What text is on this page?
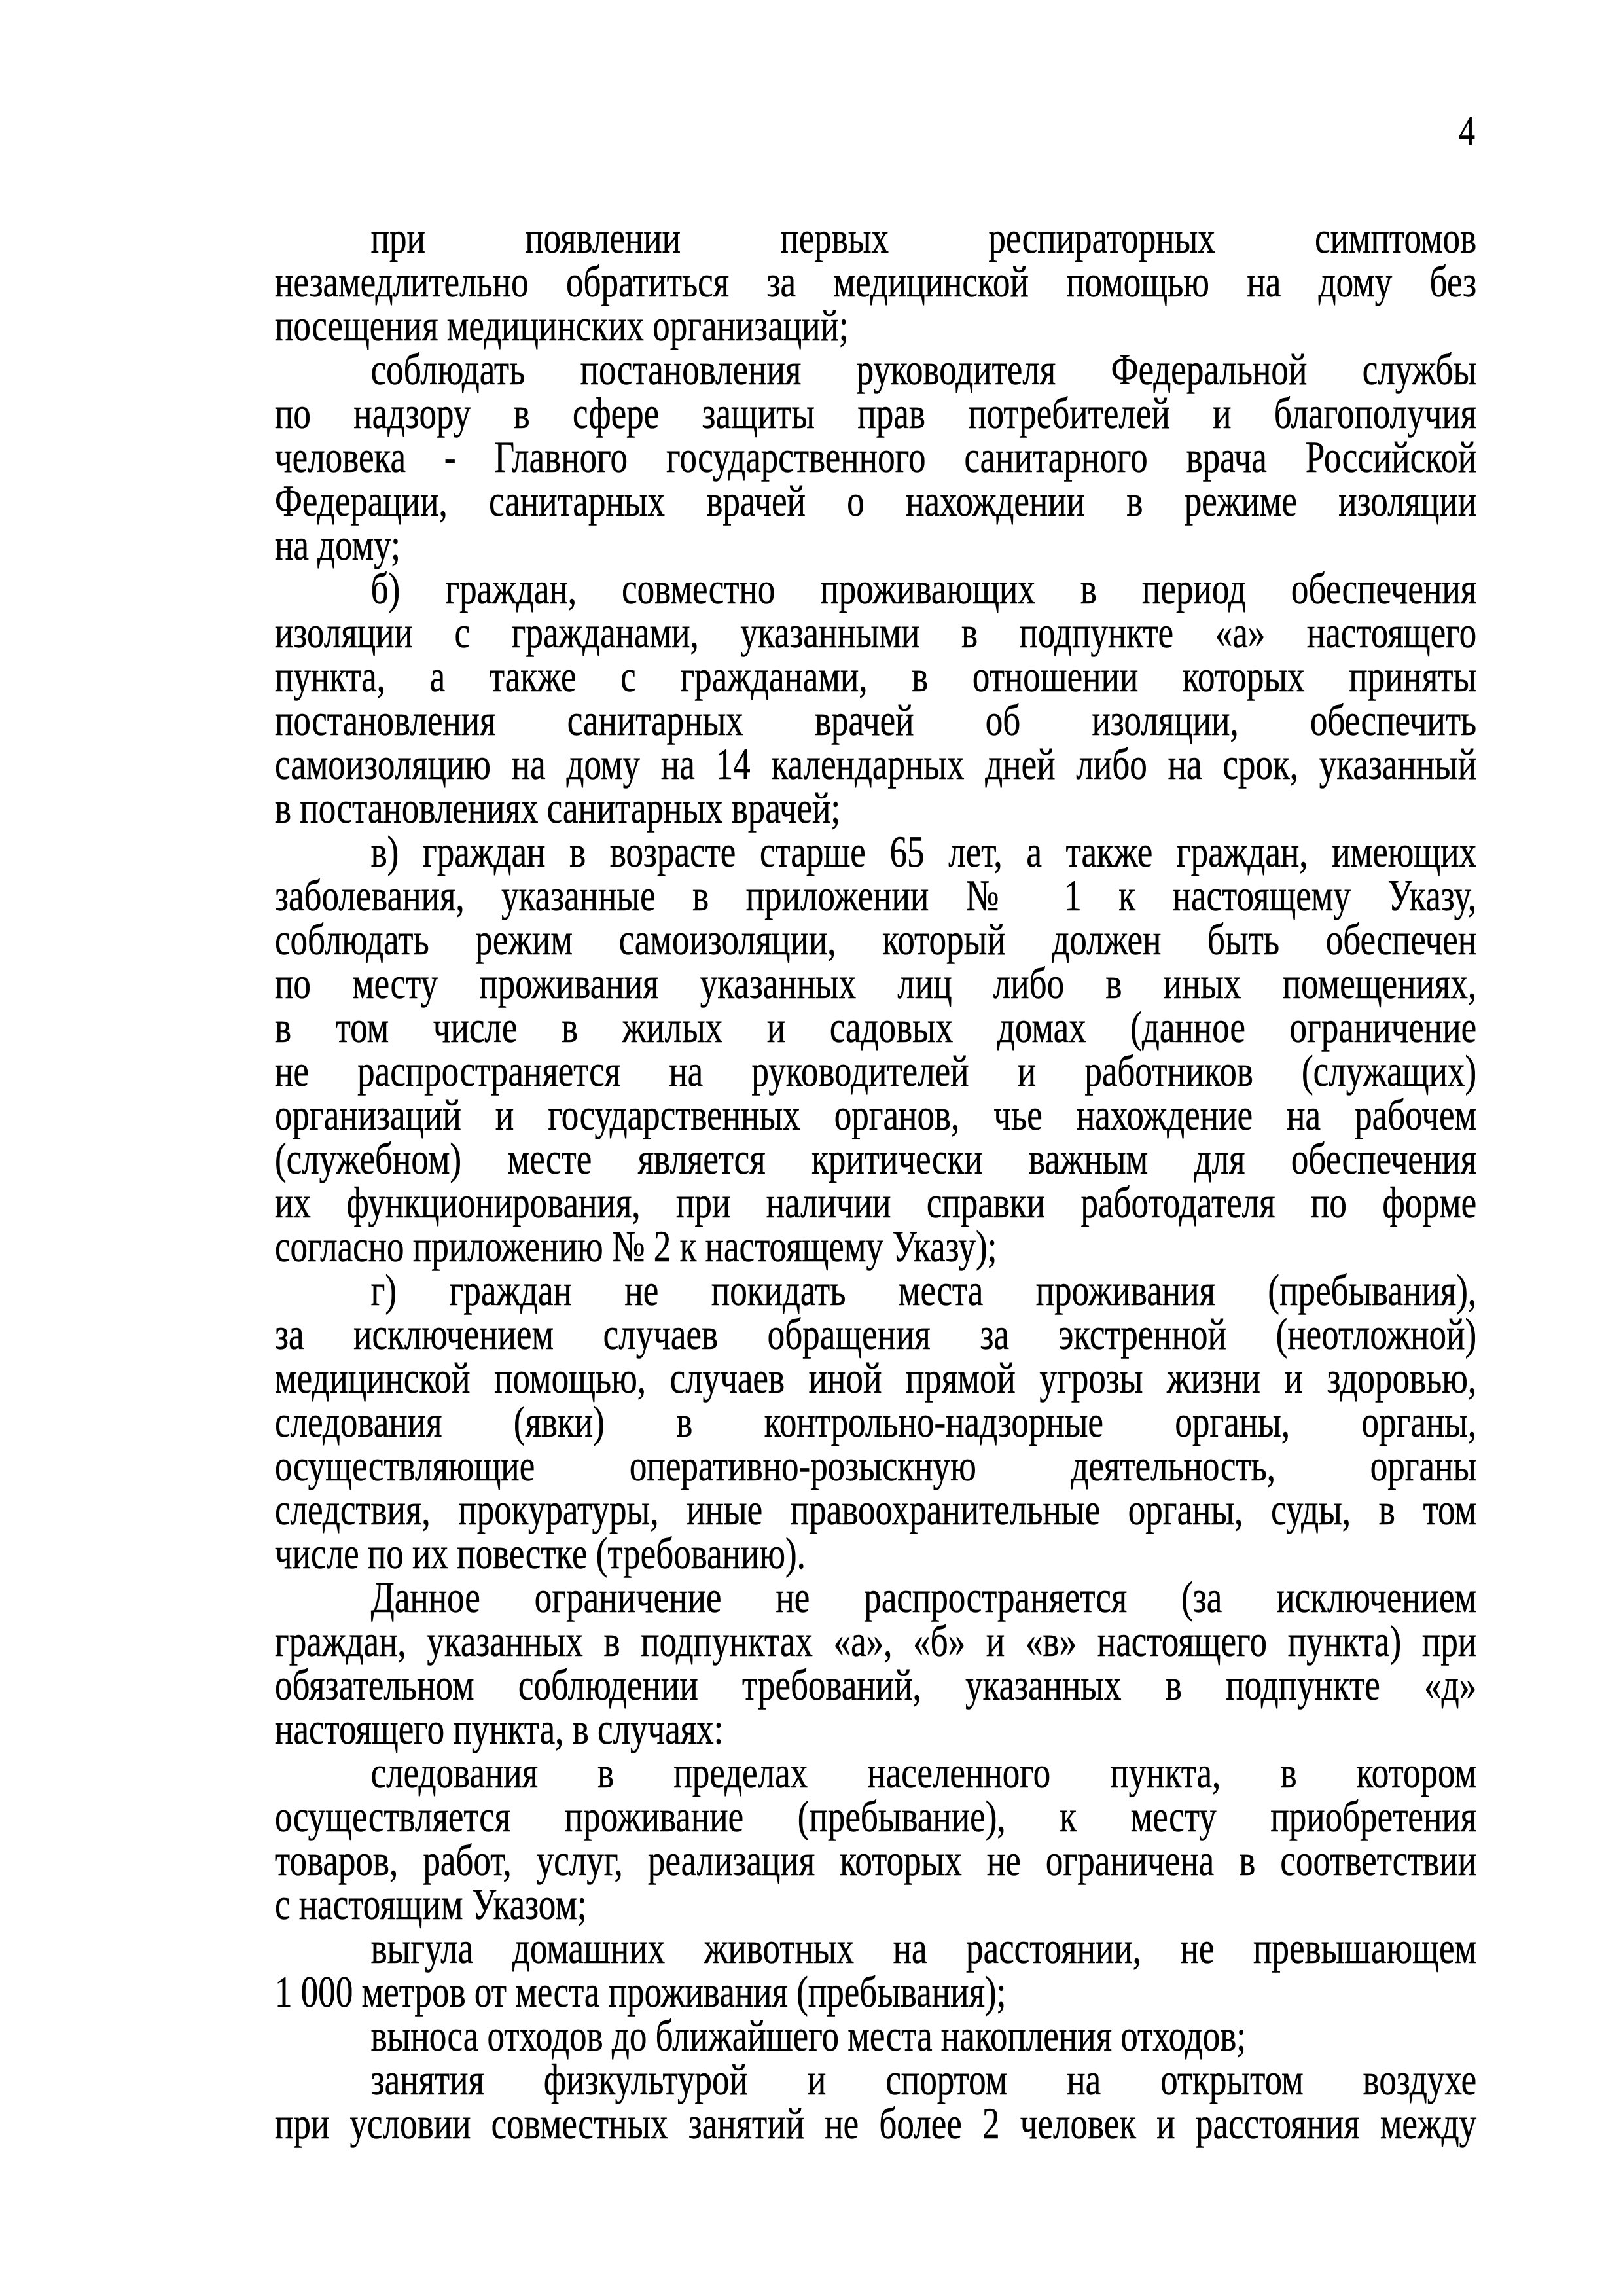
4
при появлении первых респираторных симптомов
незамедлительно обратиться за медицинской помощью на дому без
посещения медицинских организаций;
соблюдать постановления руководителя Федеральной службы
по надзору в сфере защиты прав потребителей и благополучия
человека - Главного государственного санитарного врача Российской
Федерации, санитарных врачей о нахождении в режиме изоляции
на дому;
б) граждан, совместно проживающих в период обеспечения
изоляции с гражданами, указанными в подпункте «а» настоящего
пункта, а также с гражданами, в отношении которых приняты
постановления санитарных врачей об изоляции, обеспечить
самоизоляцию на дому на 14 календарных дней либо на срок, указанный
в постановлениях санитарных врачей;
в) граждан в возрасте старше 65 лет, а также граждан, имеющих
заболевания, указанные в приложении № 1 к настоящему Указу,
соблюдать режим самоизоляции, который должен быть обеспечен
по месту проживания указанных лиц либо в иных помещениях,
в том числе в жилых и садовых домах (данное ограничение
не распространяется на руководителей и работников (служащих)
организаций и государственных органов, чье нахождение на рабочем
(служебном) месте является критически важным для обеспечения
их функционирования, при наличии справки работодателя по форме
согласно приложению № 2 к настоящему Указу);
г) граждан не покидать места проживания (пребывания),
за исключением случаев обращения за экстренной (неотложной)
медицинской помощью, случаев иной прямой угрозы жизни и здоровью,
следования (явки) в контрольно-надзорные органы, органы,
осуществляющие оперативно-розыскную деятельность, органы
следствия, прокуратуры, иные правоохранительные органы, суды, в том
числе по их повестке (требованию).
Данное ограничение не распространяется (за исключением
граждан, указанных в подпунктах «а», «б» и «в» настоящего пункта) при
обязательном соблюдении требований, указанных в подпункте «д»
настоящего пункта, в случаях:
следования в пределах населенного пункта, в котором
осуществляется проживание (пребывание), к месту приобретения
товаров, работ, услуг, реализация которых не ограничена в соответствии
с настоящим Указом;
выгула домашних животных на расстоянии, не превышающем
1 000 метров от места проживания (пребывания);
выноса отходов до ближайшего места накопления отходов;
занятия физкультурой и спортом на открытом воздухе
при условии совместных занятий не более 2 человек и расстояния между
